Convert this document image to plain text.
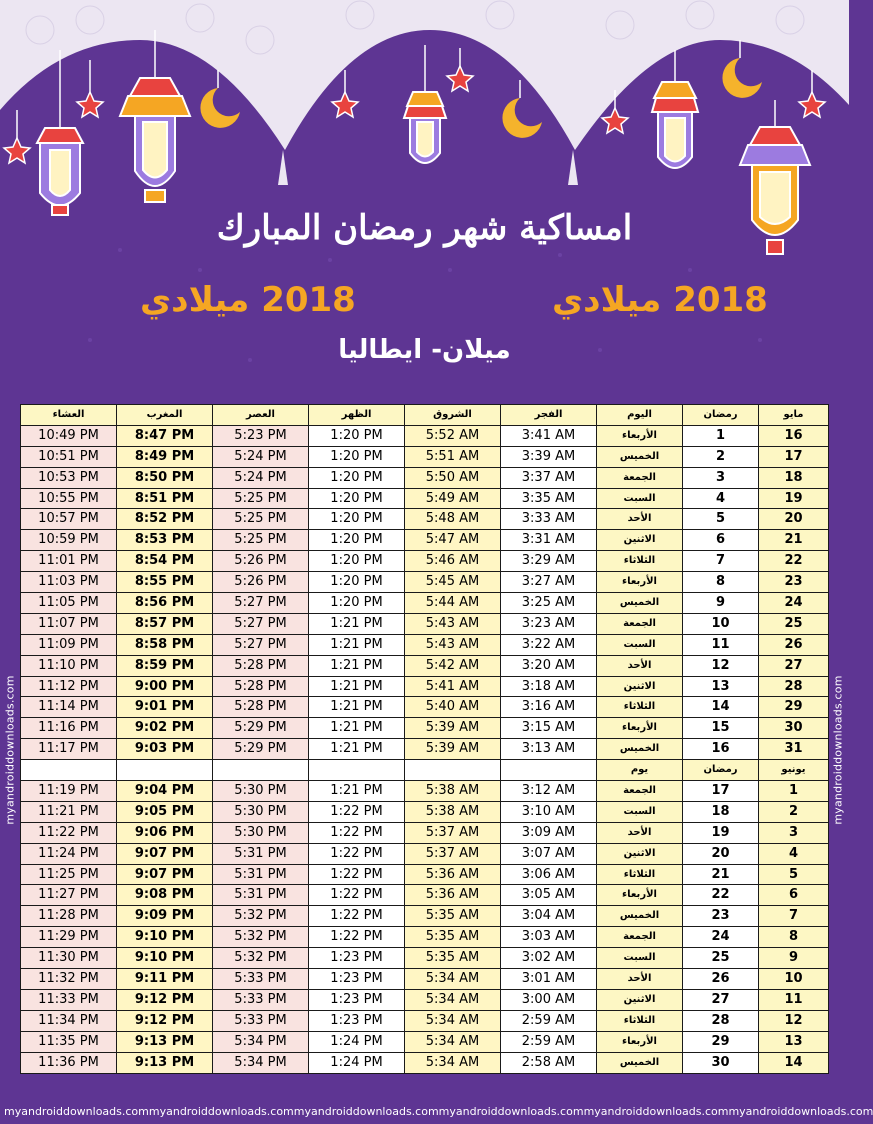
امساكية شهر رمضان المبارك
2018 ميلادي	2018 ميلادي
ميلان- ايطاليا
myandroiddownloads.com	myandroiddownloads.com
العشاء	المغرب	العصر	الظهر	الشروق	الفجر	اليوم	رمضان	مايو
10:49 PM	8:47 PM	5:23 PM	1:20 PM	5:52 AM	3:41 AM	الأربعاء	1	16
10:51 PM	8:49 PM	5:24 PM	1:20 PM	5:51 AM	3:39 AM	الخميس	2	17
10:53 PM	8:50 PM	5:24 PM	1:20 PM	5:50 AM	3:37 AM	الجمعة	3	18
10:55 PM	8:51 PM	5:25 PM	1:20 PM	5:49 AM	3:35 AM	السبت	4	19
10:57 PM	8:52 PM	5:25 PM	1:20 PM	5:48 AM	3:33 AM	الأحد	5	20
10:59 PM	8:53 PM	5:25 PM	1:20 PM	5:47 AM	3:31 AM	الاثنين	6	21
11:01 PM	8:54 PM	5:26 PM	1:20 PM	5:46 AM	3:29 AM	الثلاثاء	7	22
11:03 PM	8:55 PM	5:26 PM	1:20 PM	5:45 AM	3:27 AM	الأربعاء	8	23
11:05 PM	8:56 PM	5:27 PM	1:20 PM	5:44 AM	3:25 AM	الخميس	9	24
11:07 PM	8:57 PM	5:27 PM	1:21 PM	5:43 AM	3:23 AM	الجمعة	10	25
11:09 PM	8:58 PM	5:27 PM	1:21 PM	5:43 AM	3:22 AM	السبت	11	26
11:10 PM	8:59 PM	5:28 PM	1:21 PM	5:42 AM	3:20 AM	الأحد	12	27
11:12 PM	9:00 PM	5:28 PM	1:21 PM	5:41 AM	3:18 AM	الاثنين	13	28
11:14 PM	9:01 PM	5:28 PM	1:21 PM	5:40 AM	3:16 AM	الثلاثاء	14	29
11:16 PM	9:02 PM	5:29 PM	1:21 PM	5:39 AM	3:15 AM	الأربعاء	15	30
11:17 PM	9:03 PM	5:29 PM	1:21 PM	5:39 AM	3:13 AM	الخميس	16	31
						يوم	رمضان	يونيو
11:19 PM	9:04 PM	5:30 PM	1:21 PM	5:38 AM	3:12 AM	الجمعة	17	1
11:21 PM	9:05 PM	5:30 PM	1:22 PM	5:38 AM	3:10 AM	السبت	18	2
11:22 PM	9:06 PM	5:30 PM	1:22 PM	5:37 AM	3:09 AM	الأحد	19	3
11:24 PM	9:07 PM	5:31 PM	1:22 PM	5:37 AM	3:07 AM	الاثنين	20	4
11:25 PM	9:07 PM	5:31 PM	1:22 PM	5:36 AM	3:06 AM	الثلاثاء	21	5
11:27 PM	9:08 PM	5:31 PM	1:22 PM	5:36 AM	3:05 AM	الأربعاء	22	6
11:28 PM	9:09 PM	5:32 PM	1:22 PM	5:35 AM	3:04 AM	الخميس	23	7
11:29 PM	9:10 PM	5:32 PM	1:22 PM	5:35 AM	3:03 AM	الجمعة	24	8
11:30 PM	9:10 PM	5:32 PM	1:23 PM	5:35 AM	3:02 AM	السبت	25	9
11:32 PM	9:11 PM	5:33 PM	1:23 PM	5:34 AM	3:01 AM	الأحد	26	10
11:33 PM	9:12 PM	5:33 PM	1:23 PM	5:34 AM	3:00 AM	الاثنين	27	11
11:34 PM	9:12 PM	5:33 PM	1:23 PM	5:34 AM	2:59 AM	الثلاثاء	28	12
11:35 PM	9:13 PM	5:34 PM	1:24 PM	5:34 AM	2:59 AM	الأربعاء	29	13
11:36 PM	9:13 PM	5:34 PM	1:24 PM	5:34 AM	2:58 AM	الخميس	30	14
myandroiddownloads.com myandroiddownloads.com myandroiddownloads.com myandroiddownloads.com myandroiddownloads.com myandroiddownloads.com
